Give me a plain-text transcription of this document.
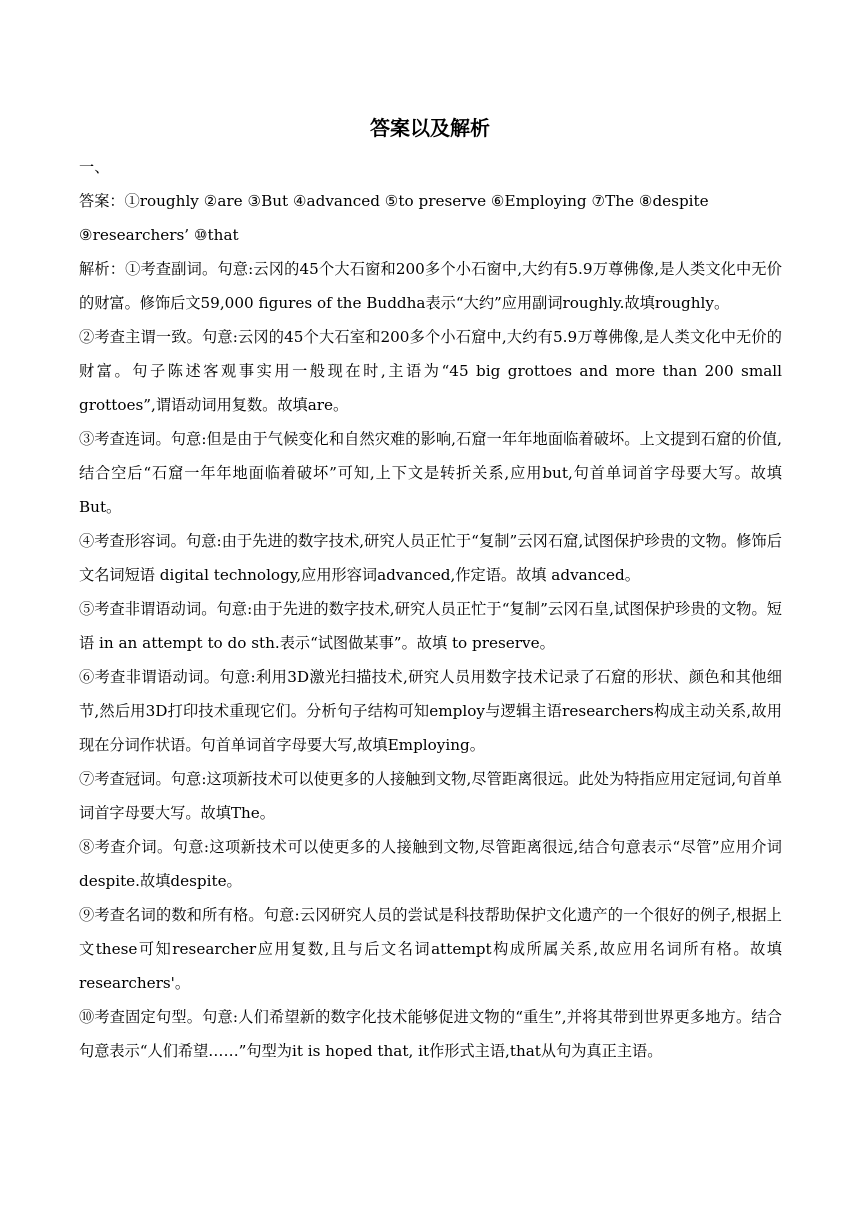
答案以及解析

一、

答案：①roughly ②are ③But ④advanced ⑤to preserve ⑥Employing ⑦The ⑧despite

⑨researchers’ ⑩that

解析：①考查副词。句意:云冈的45个大石窗和200多个小石窗中,大约有5.9万尊佛像,是人类文化中无价的财富。修饰后文59,000 figures of the Buddha表示“大约”应用副词roughly.故填roughly。

②考查主谓一致。句意:云冈的45个大石室和200多个小石窟中,大约有5.9万尊佛像,是人类文化中无价的财富。句子陈述客观事实用一般现在时,主语为“45 big grottoes and more than 200 small grottoes”,谓语动词用复数。故填are。

③考查连词。句意:但是由于气候变化和自然灾难的影响,石窟一年年地面临着破坏。上文提到石窟的价值,结合空后“石窟一年年地面临着破坏”可知,上下文是转折关系,应用but,句首单词首字母要大写。故填But。

④考查形容词。句意:由于先进的数字技术,研究人员正忙于“复制”云冈石窟,试图保护珍贵的文物。修饰后文名词短语 digital technology,应用形容词advanced,作定语。故填 advanced。

⑤考查非谓语动词。句意:由于先进的数字技术,研究人员正忙于“复制”云冈石皇,试图保护珍贵的文物。短语 in an attempt to do sth.表示“试图做某事”。故填 to preserve。

⑥考查非谓语动词。句意:利用3D激光扫描技术,研究人员用数字技术记录了石窟的形状、颜色和其他细节,然后用3D打印技术重现它们。分析句子结构可知employ与逻辑主语researchers构成主动关系,故用现在分词作状语。句首单词首字母要大写,故填Employing。

⑦考查冠词。句意:这项新技术可以使更多的人接触到文物,尽管距离很远。此处为特指应用定冠词,句首单词首字母要大写。故填The。

⑧考查介词。句意:这项新技术可以使更多的人接触到文物,尽管距离很远,结合句意表示“尽管”应用介词despite.故填despite。

⑨考查名词的数和所有格。句意:云冈研究人员的尝试是科技帮助保护文化遗产的一个很好的例子,根据上文these可知researcher应用复数,且与后文名词attempt构成所属关系,故应用名词所有格。故填researchers'。

⑩考查固定句型。句意:人们希望新的数字化技术能够促进文物的“重生”,并将其带到世界更多地方。结合句意表示“人们希望……”句型为it is hoped that, it作形式主语,that从句为真正主语。
